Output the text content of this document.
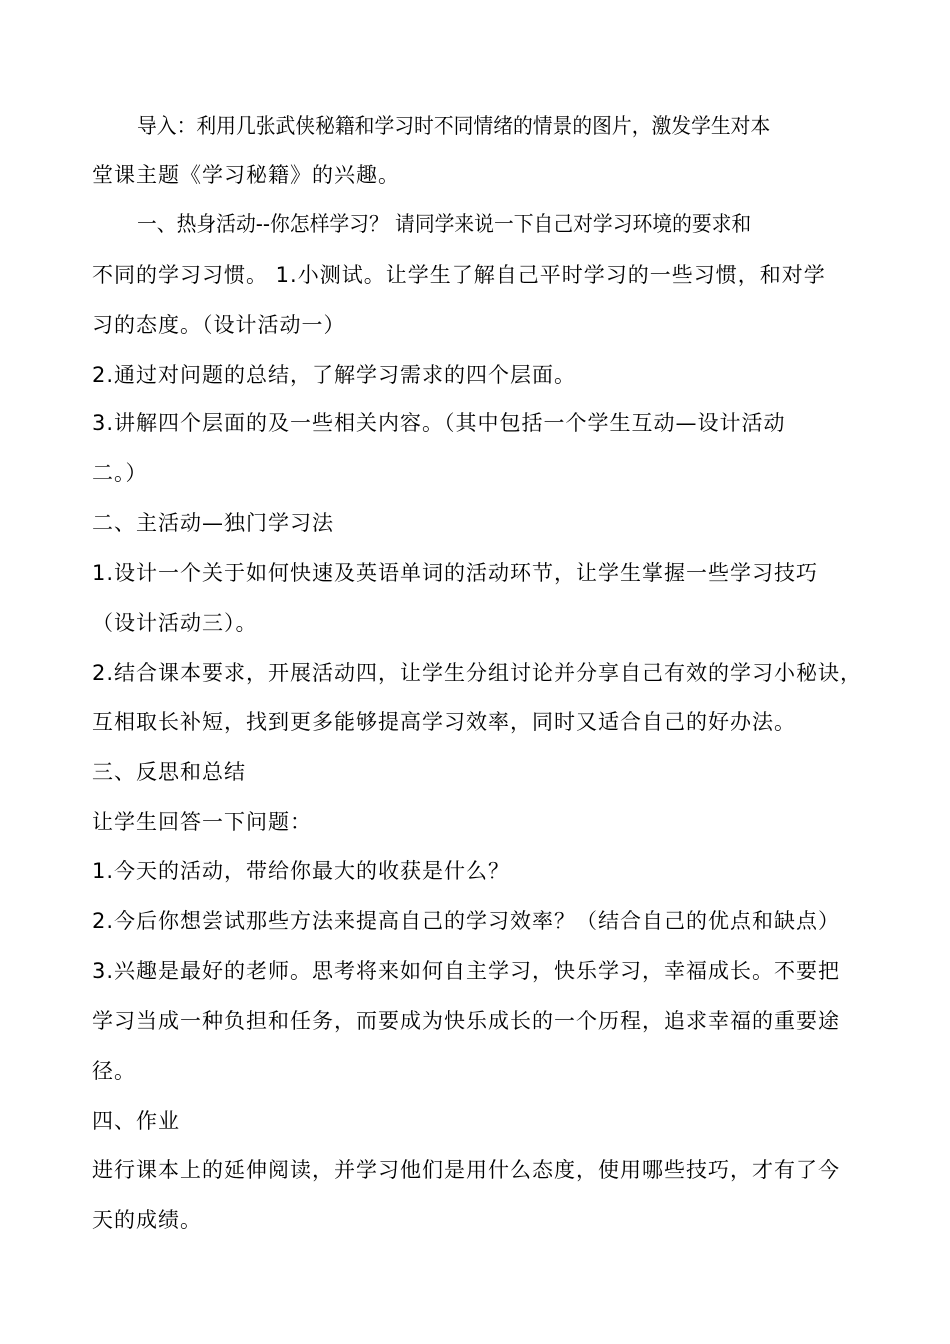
导入：利用几张武侠秘籍和学习时不同情绪的情景的图片，激发学生对本
堂课主题《学习秘籍》的兴趣。
一、热身活动--你怎样学习？ 请同学来说一下自己对学习环境的要求和
不同的学习习惯。 1.小测试。让学生了解自己平时学习的一些习惯，和对学
习的态度。（设计活动一）
2.通过对问题的总结，了解学习需求的四个层面。
3.讲解四个层面的及一些相关内容。（其中包括一个学生互动—设计活动
二。）
二、主活动—独门学习法
1.设计一个关于如何快速及英语单词的活动环节，让学生掌握一些学习技巧
（设计活动三）。
2.结合课本要求，开展活动四，让学生分组讨论并分享自己有效的学习小秘诀，
互相取长补短，找到更多能够提高学习效率，同时又适合自己的好办法。
三、反思和总结
让学生回答一下问题：
1.今天的活动，带给你最大的收获是什么？
2.今后你想尝试那些方法来提高自己的学习效率？（结合自己的优点和缺点）
3.兴趣是最好的老师。思考将来如何自主学习，快乐学习，幸福成长。不要把
学习当成一种负担和任务，而要成为快乐成长的一个历程，追求幸福的重要途
径。
四、作业
进行课本上的延伸阅读，并学习他们是用什么态度，使用哪些技巧，才有了今
天的成绩。
